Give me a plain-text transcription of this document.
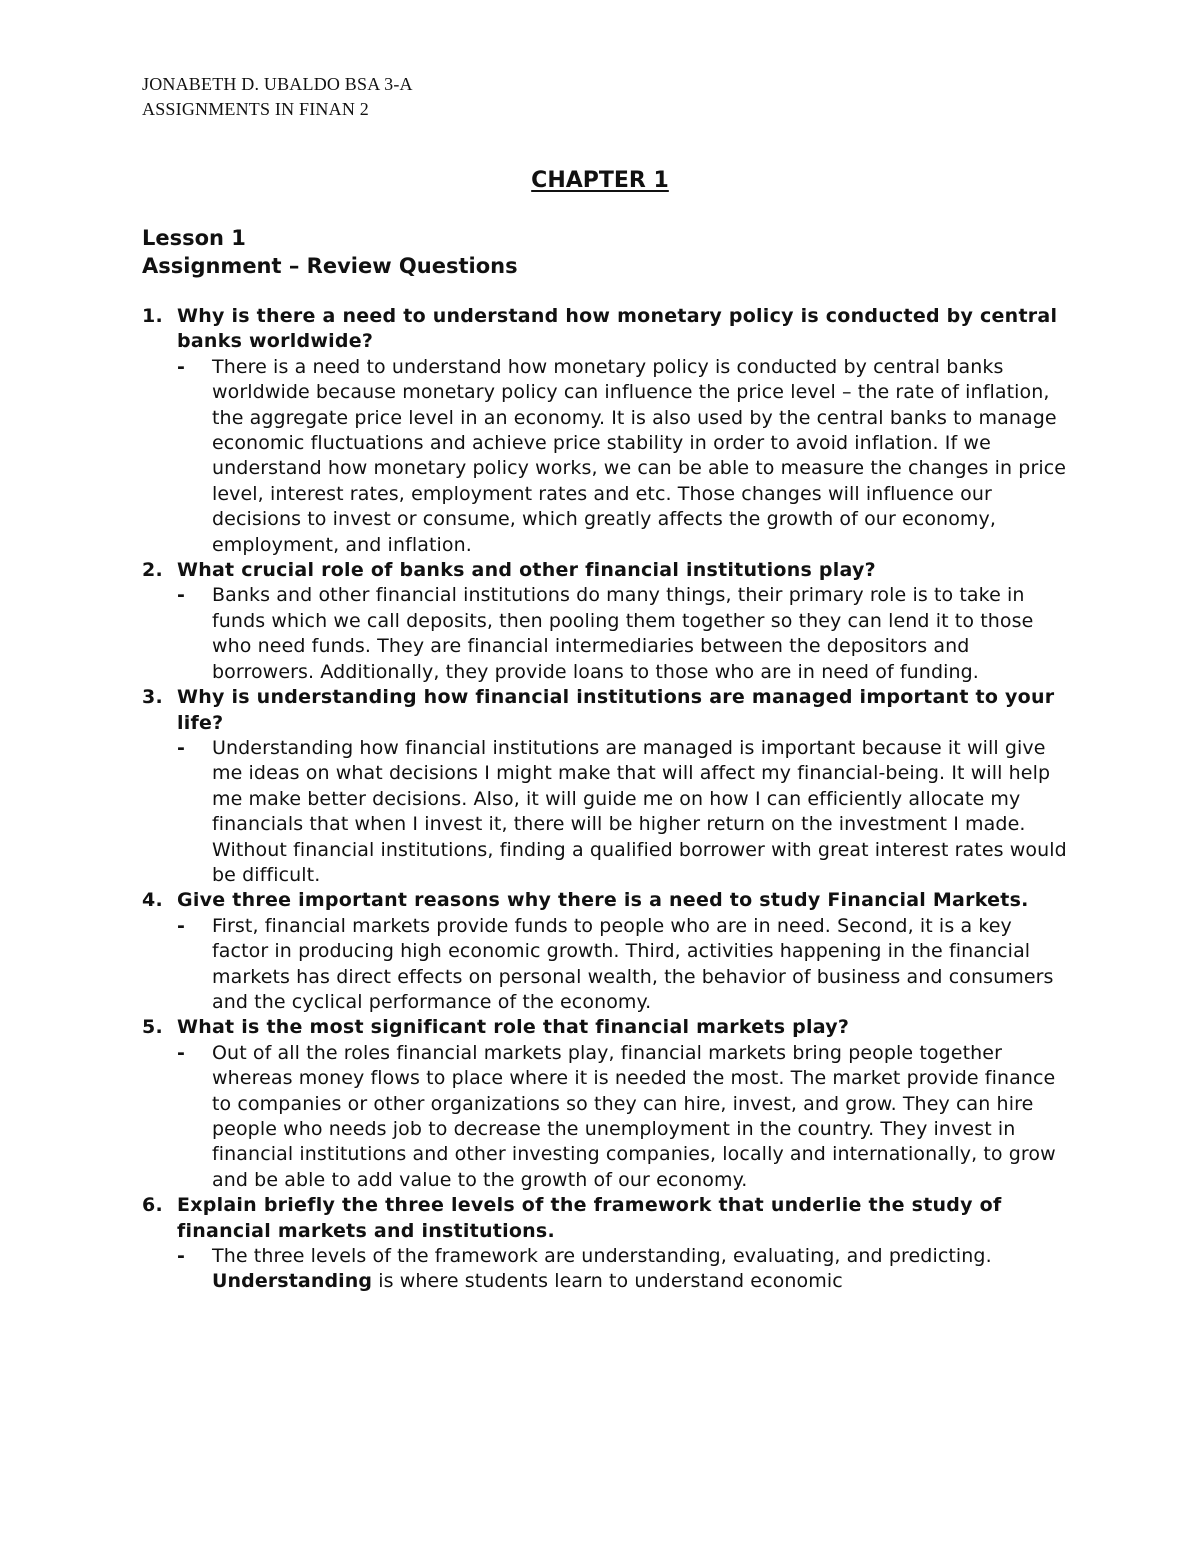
JONABETH D. UBALDO BSA 3-A
ASSIGNMENTS IN FINAN 2
CHAPTER 1
Lesson 1
Assignment – Review Questions
1. Why is there a need to understand how monetary policy is conducted by central banks worldwide?
-	There is a need to understand how monetary policy is conducted by central banks worldwide because monetary policy can influence the price level – the rate of inflation, the aggregate price level in an economy. It is also used by the central banks to manage economic fluctuations and achieve price stability in order to avoid inflation. If we understand how monetary policy works, we can be able to measure the changes in price level, interest rates, employment rates and etc. Those changes will influence our decisions to invest or consume, which greatly affects the growth of our economy, employment, and inflation.
2. What crucial role of banks and other financial institutions play?
-	Banks and other financial institutions do many things, their primary role is to take in funds which we call deposits, then pooling them together so they can lend it to those who need funds. They are financial intermediaries between the depositors and borrowers. Additionally, they provide loans to those who are in need of funding.
3. Why is understanding how financial institutions are managed important to your life?
-	Understanding how financial institutions are managed is important because it will give me ideas on what decisions I might make that will affect my financial-being. It will help me make better decisions. Also, it will guide me on how I can efficiently allocate my financials that when I invest it, there will be higher return on the investment I made. Without financial institutions, finding a qualified borrower with great interest rates would be difficult.
4. Give three important reasons why there is a need to study Financial Markets.
-	First, financial markets provide funds to people who are in need. Second, it is a key factor in producing high economic growth. Third, activities happening in the financial markets has direct effects on personal wealth, the behavior of business and consumers and the cyclical performance of the economy.
5. What is the most significant role that financial markets play?
-	Out of all the roles financial markets play, financial markets bring people together whereas money flows to place where it is needed the most. The market provide finance to companies or other organizations so they can hire, invest, and grow. They can hire people who needs job to decrease the unemployment in the country. They invest in financial institutions and other investing companies, locally and internationally, to grow and be able to add value to the growth of our economy.
6. Explain briefly the three levels of the framework that underlie the study of financial markets and institutions.
-	The three levels of the framework are understanding, evaluating, and predicting. Understanding is where students learn to understand economic
